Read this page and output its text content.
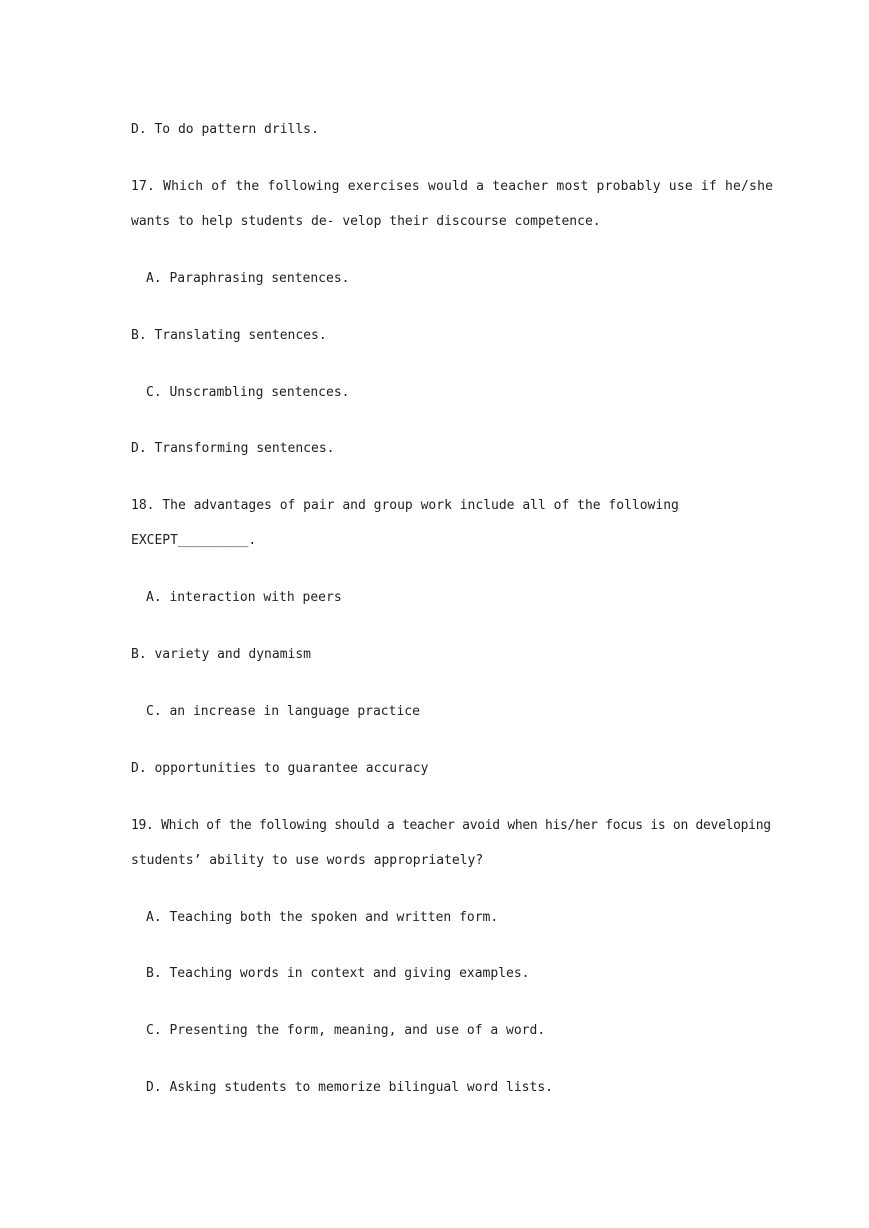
D. To do pattern drills.
17. Which of the following exercises would a teacher most probably use if he/she
wants to help students de- velop their discourse competence.
A. Paraphrasing sentences.
B. Translating sentences.
C. Unscrambling sentences.
D. Transforming sentences.
18. The advantages of pair and group work include all of the following
EXCEPT_________.
A. interaction with peers
B. variety and dynamism
C. an increase in language practice
D. opportunities to guarantee accuracy
19. Which of the following should a teacher avoid when his/her focus is on developing
students’ ability to use words appropriately?
A. Teaching both the spoken and written form.
B. Teaching words in context and giving examples.
C. Presenting the form, meaning, and use of a word.
D. Asking students to memorize bilingual word lists.
